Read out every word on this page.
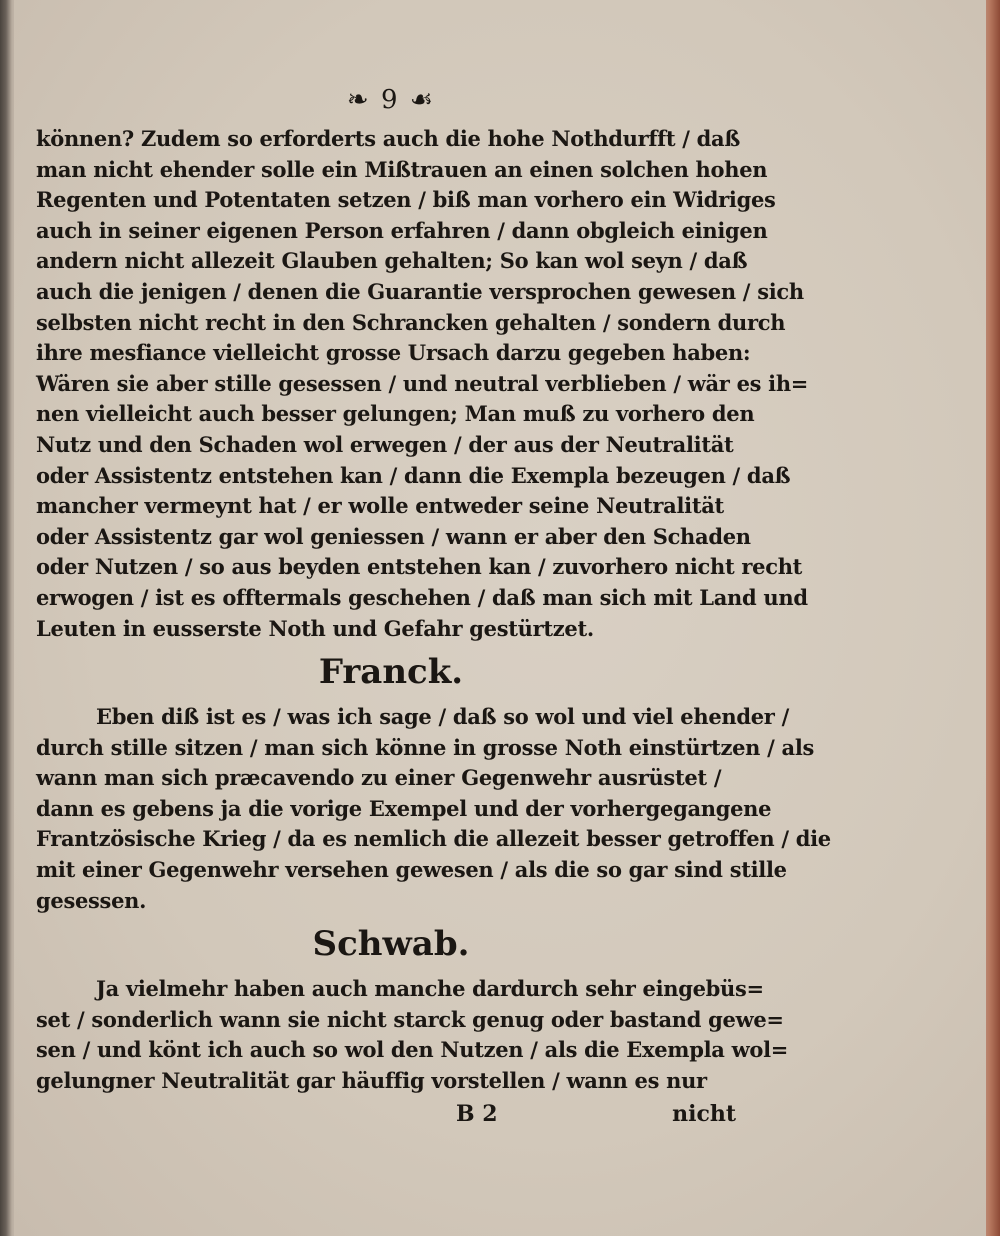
❧ 9 ☙
können? Zudem so erforderts auch die hohe Nothdurfft / daß
man nicht ehender solle ein Mißtrauen an einen solchen hohen
Regenten und Potentaten setzen / biß man vorhero ein Widriges
auch in seiner eigenen Person erfahren / dann obgleich einigen
andern nicht allezeit Glauben gehalten; So kan wol seyn / daß
auch die jenigen / denen die Guarantie versprochen gewesen / sich
selbsten nicht recht in den Schrancken gehalten / sondern durch
ihre mesfiance vielleicht grosse Ursach darzu gegeben haben:
Wären sie aber stille gesessen / und neutral verblieben / wär es ih=
nen vielleicht auch besser gelungen; Man muß zu vorhero den
Nutz und den Schaden wol erwegen / der aus der Neutralität
oder Assistentz entstehen kan / dann die Exempla bezeugen / daß
mancher vermeynt hat / er wolle entweder seine Neutralität
oder Assistentz gar wol geniessen / wann er aber den Schaden
oder Nutzen / so aus beyden entstehen kan / zuvorhero nicht recht
erwogen / ist es offtermals geschehen / daß man sich mit Land und
Leuten in eusserste Noth und Gefahr gestürtzet.
Franck.
Eben diß ist es / was ich sage / daß so wol und viel ehender /
durch stille sitzen / man sich könne in grosse Noth einstürtzen / als
wann man sich præcavendo zu einer Gegenwehr ausrüstet /
dann es gebens ja die vorige Exempel und der vorhergegangene
Frantzösische Krieg / da es nemlich die allezeit besser getroffen / die
mit einer Gegenwehr versehen gewesen / als die so gar sind stille
gesessen.
Schwab.
Ja vielmehr haben auch manche dardurch sehr eingebüs=
set / sonderlich wann sie nicht starck genug oder bastand gewe=
sen / und könt ich auch so wol den Nutzen / als die Exempla wol=
gelungner Neutralität gar häuffig vorstellen / wann es nur
B 2	nicht
